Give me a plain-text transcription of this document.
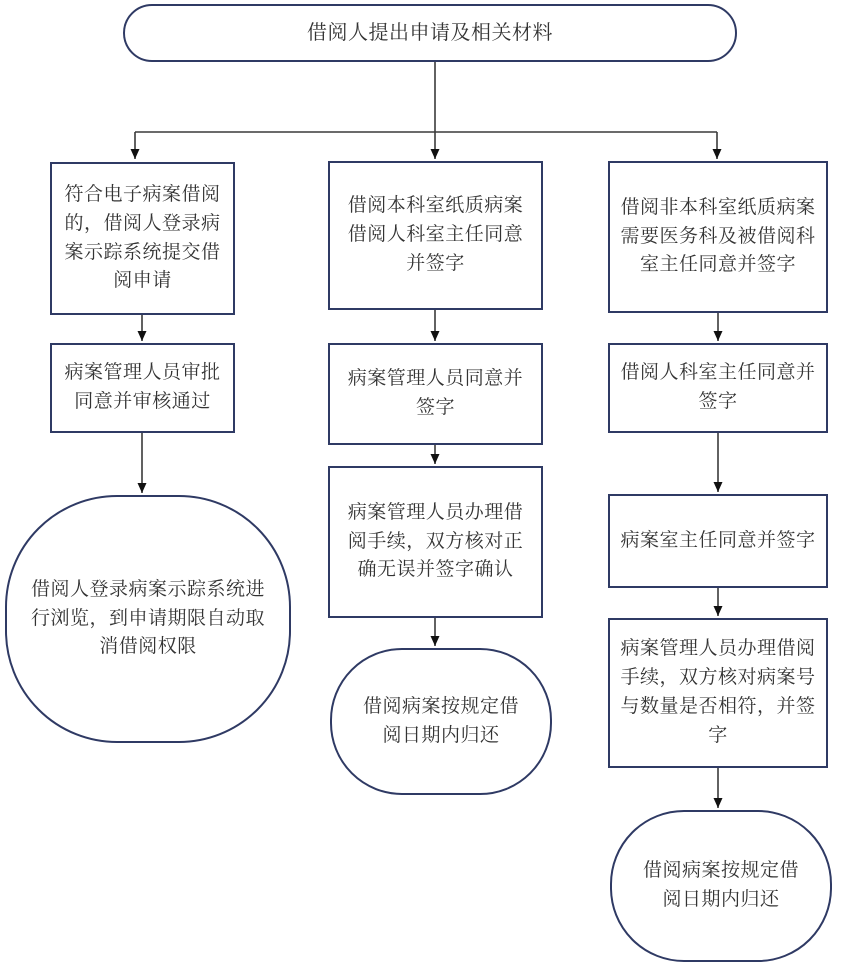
借阅人提出申请及相关材料
符合电子病案借阅的，借阅人登录病案示踪系统提交借阅申请
病案管理人员审批同意并审核通过
借阅人登录病案示踪系统进行浏览，到申请期限自动取消借阅权限
借阅本科室纸质病案借阅人科室主任同意并签字
病案管理人员同意并签字
病案管理人员办理借阅手续，双方核对正确无误并签字确认
借阅病案按规定借阅日期内归还
借阅非本科室纸质病案需要医务科及被借阅科室主任同意并签字
借阅人科室主任同意并签字
病案室主任同意并签字
病案管理人员办理借阅手续，双方核对病案号与数量是否相符，并签字
借阅病案按规定借阅日期内归还
